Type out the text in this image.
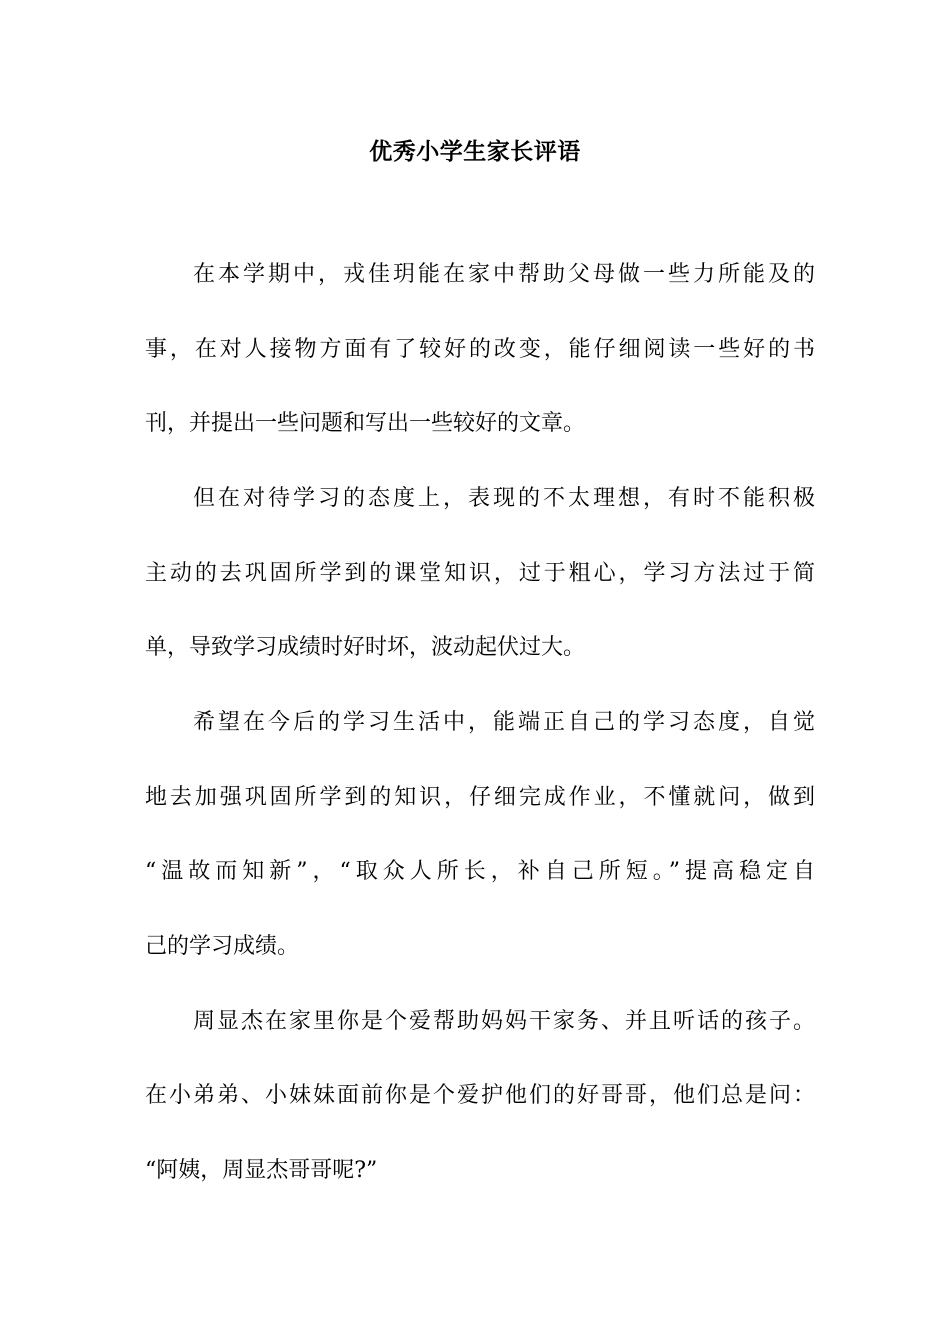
优秀小学生家长评语
在本学期中，戎佳玥能在家中帮助父母做一些力所能及的
事，在对人接物方面有了较好的改变，能仔细阅读一些好的书
刊，并提出一些问题和写出一些较好的文章。
但在对待学习的态度上，表现的不太理想，有时不能积极
主动的去巩固所学到的课堂知识，过于粗心，学习方法过于简
单，导致学习成绩时好时坏，波动起伏过大。
希望在今后的学习生活中，能端正自己的学习态度，自觉
地去加强巩固所学到的知识，仔细完成作业，不懂就问，做到
“温故而知新”，“取众人所长，补自己所短。”提高稳定自
己的学习成绩。
周显杰在家里你是个爱帮助妈妈干家务、并且听话的孩子。
在小弟弟、小妹妹面前你是个爱护他们的好哥哥，他们总是问：
“阿姨，周显杰哥哥呢?”
